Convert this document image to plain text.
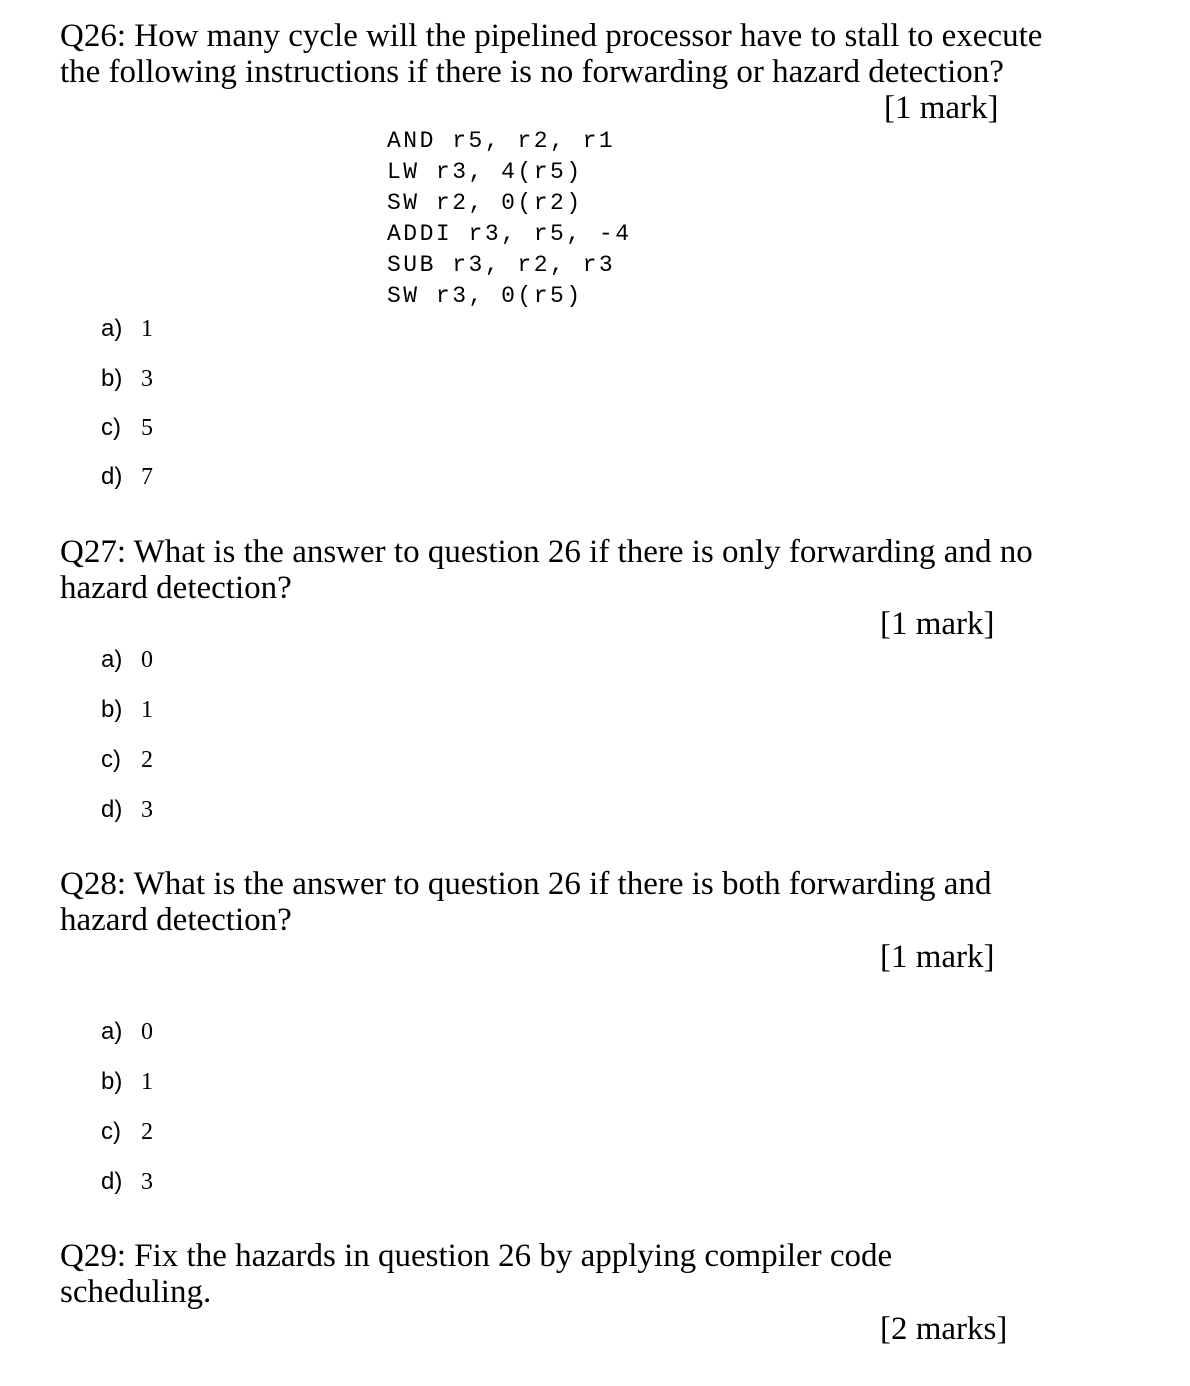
Q26: How many cycle will the pipelined processor have to stall to execute
the following instructions if there is no forwarding or hazard detection?
[1 mark]
AND r5, r2, r1
LW r3, 4(r5)
SW r2, 0(r2)
ADDI r3, r5, -4
SUB r3, r2, r3
SW r3, 0(r5)
a) 1
b) 3
c) 5
d) 7
Q27: What is the answer to question 26 if there is only forwarding and no
hazard detection?
[1 mark]
a) 0
b) 1
c) 2
d) 3
Q28: What is the answer to question 26 if there is both forwarding and
hazard detection?
[1 mark]
a) 0
b) 1
c) 2
d) 3
Q29: Fix the hazards in question 26 by applying compiler code
scheduling.
[2 marks]
